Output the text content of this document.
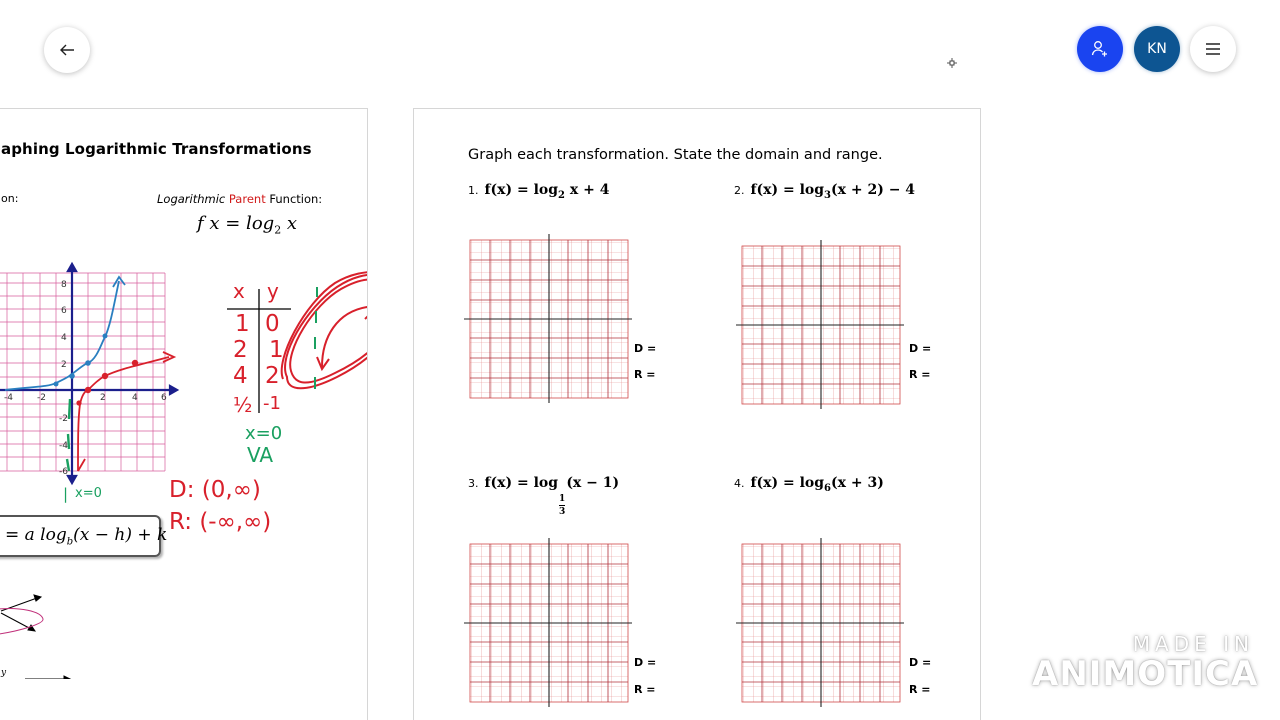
KN
aphing Logarithmic Transformations
on:	Logarithmic Parent Function:
f $x = \log_2 x$
-4	-2	2	4	6
8
6
4
2
-2
-4
-6
| x=0
x y
1 0
2 1
4 2
½ -1
x=0
VA
D: (0,∞)
R: (-∞,∞)
= a $\log_b(x - h) + k$
y
Graph each transformation. State the domain and range.
1. $f(x) = \log_2 x + 4$	2. $f(x) = \log_3(x + 2) - 4$
3. f(x) = log
$\frac{1}{3}$
(x − 1)	4. $f(x) = \log_6(x + 3)$
D =
R =
D =
R =
D =
R =
D =
R =
MADE IN
ANIMOTICA
